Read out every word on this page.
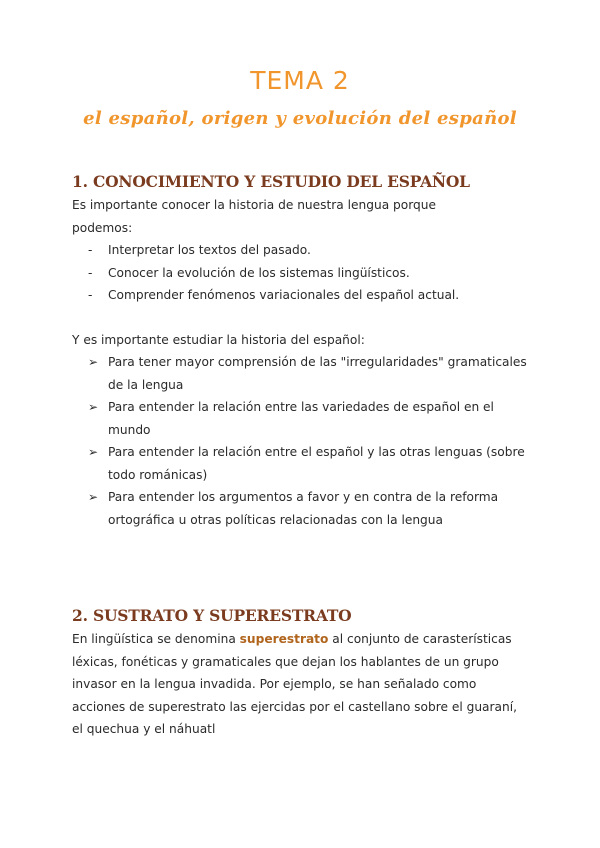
TEMA 2
el español, origen y evolución del español
1. CONOCIMIENTO Y ESTUDIO DEL ESPAÑOL
Es importante conocer la historia de nuestra lengua porque podemos:
-	Interpretar los textos del pasado.
-	Conocer la evolución de los sistemas lingüísticos.
-	Comprender fenómenos variacionales del español actual.
Y es importante estudiar la historia del español:
➢ Para tener mayor comprensión de las "irregularidades" gramaticales de la lengua
➢ Para entender la relación entre las variedades de español en el mundo
➢ Para entender la relación entre el español y las otras lenguas (sobre todo románicas)
➢ Para entender los argumentos a favor y en contra de la reforma ortográfica u otras políticas relacionadas con la lengua
2. SUSTRATO Y SUPERESTRATO
En lingüística se denomina superestrato al conjunto de carasterísticas léxicas, fonéticas y gramaticales que dejan los hablantes de un grupo invasor en la lengua invadida. Por ejemplo, se han señalado como acciones de superestrato las ejercidas por el castellano sobre el guaraní, el quechua y el náhuatl
